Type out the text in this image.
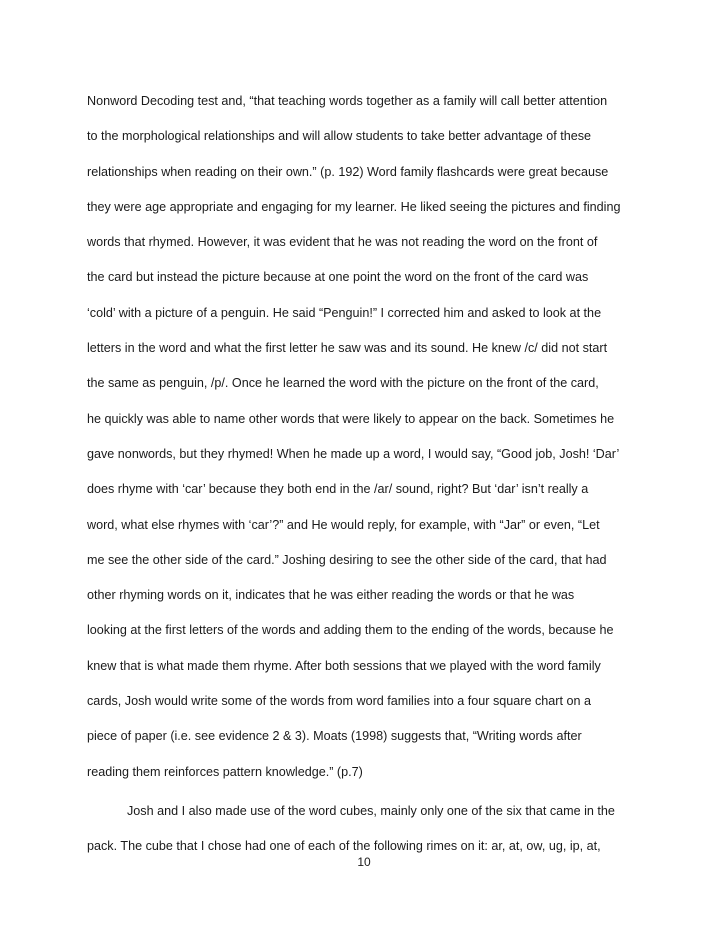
Nonword Decoding test and, “that teaching words together as a family will call better attention
to the morphological relationships and will allow students to take better advantage of these
relationships when reading on their own.” (p. 192) Word family flashcards were great because
they were age appropriate and engaging for my learner. He liked seeing the pictures and finding
words that rhymed. However, it was evident that he was not reading the word on the front of
the card but instead the picture because at one point the word on the front of the card was
‘cold’ with a picture of a penguin. He said “Penguin!” I corrected him and asked to look at the
letters in the word and what the first letter he saw was and its sound. He knew /c/ did not start
the same as penguin, /p/. Once he learned the word with the picture on the front of the card,
he quickly was able to name other words that were likely to appear on the back. Sometimes he
gave nonwords, but they rhymed! When he made up a word, I would say, “Good job, Josh! ‘Dar’
does rhyme with ‘car’ because they both end in the /ar/ sound, right? But ‘dar’ isn’t really a
word, what else rhymes with ‘car’?” and He would reply, for example, with “Jar” or even, “Let
me see the other side of the card.” Joshing desiring to see the other side of the card, that had
other rhyming words on it, indicates that he was either reading the words or that he was
looking at the first letters of the words and adding them to the ending of the words, because he
knew that is what made them rhyme. After both sessions that we played with the word family
cards, Josh would write some of the words from word families into a four square chart on a
piece of paper (i.e. see evidence 2 & 3). Moats (1998) suggests that, “Writing words after
reading them reinforces pattern knowledge.” (p.7)
Josh and I also made use of the word cubes, mainly only one of the six that came in the
pack. The cube that I chose had one of each of the following rimes on it: ar, at, ow, ug, ip, at,
10
